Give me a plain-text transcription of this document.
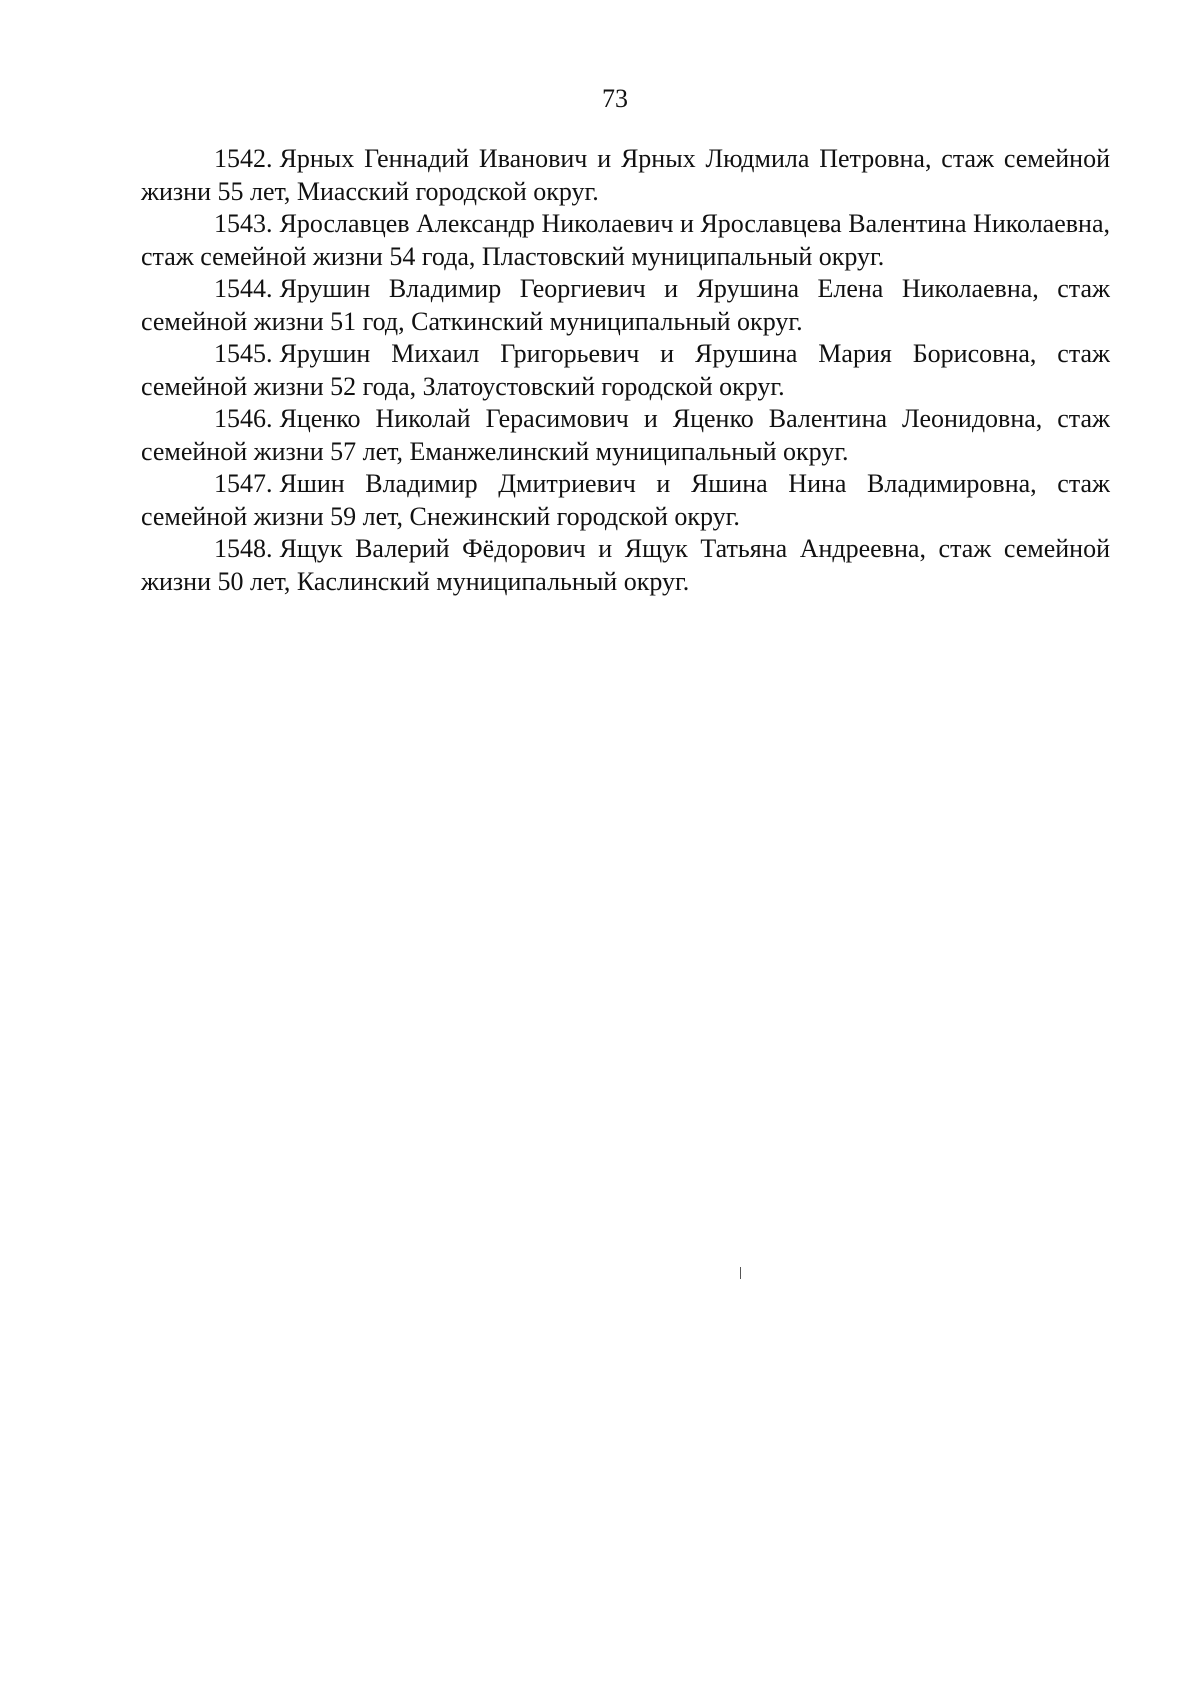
73
1542. Ярных Геннадий Иванович и Ярных Людмила Петровна, стаж семейной жизни 55 лет, Миасский городской округ.
1543. Ярославцев Александр Николаевич и Ярославцева Валентина Николаевна, стаж семейной жизни 54 года, Пластовский муниципальный округ.
1544. Ярушин Владимир Георгиевич и Ярушина Елена Николаевна, стаж семейной жизни 51 год, Саткинский муниципальный округ.
1545. Ярушин Михаил Григорьевич и Ярушина Мария Борисовна, стаж семейной жизни 52 года, Златоустовский городской округ.
1546. Яценко Николай Герасимович и Яценко Валентина Леонидовна, стаж семейной жизни 57 лет, Еманжелинский муниципальный округ.
1547. Яшин Владимир Дмитриевич и Яшина Нина Владимировна, стаж семейной жизни 59 лет, Снежинский городской округ.
1548. Ящук Валерий Фёдорович и Ящук Татьяна Андреевна, стаж семейной жизни 50 лет, Каслинский муниципальный округ.
